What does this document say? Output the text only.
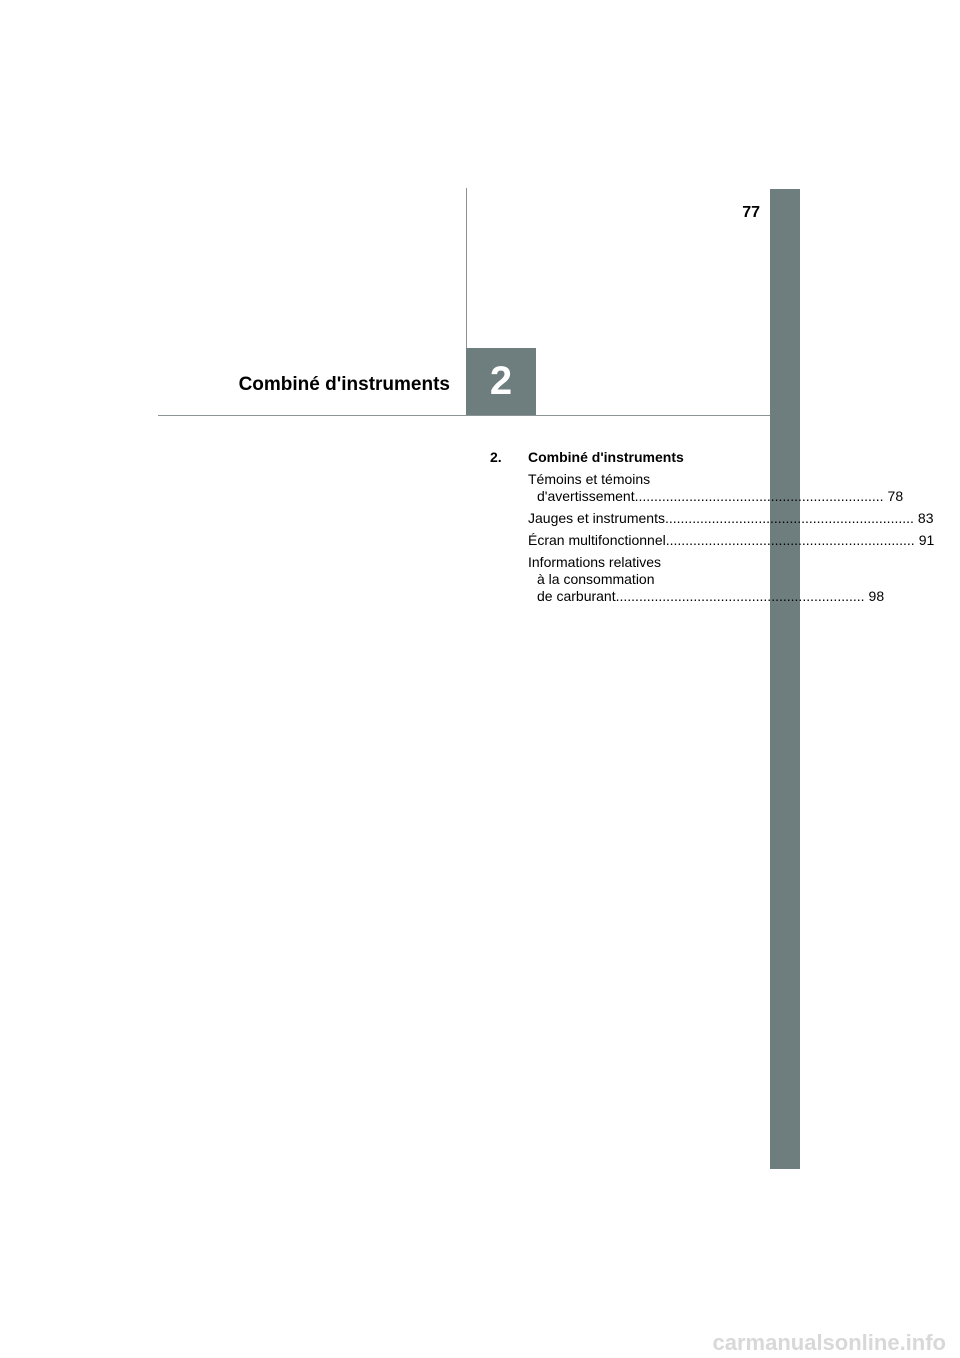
77
2
Combiné d'instruments
2.	Combiné d'instruments
Témoins et témoins
d'avertissement ................................................................ 78
Jauges et instruments ................................................................ 83
Écran multifonctionnel ................................................................ 91
Informations relatives
à la consommation
de carburant ................................................................ 98
carmanualsonline.info
